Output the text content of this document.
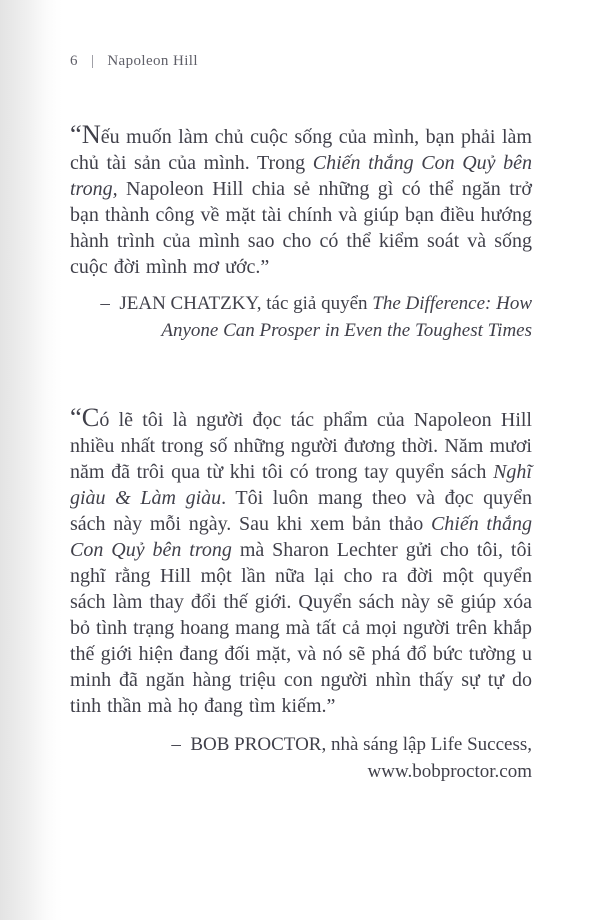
6 | Napoleon Hill

“Nếu muốn làm chủ cuộc sống của mình, bạn phải làm chủ tài sản của mình. Trong Chiến thắng Con Quỷ bên trong, Napoleon Hill chia sẻ những gì có thể ngăn trở bạn thành công về mặt tài chính và giúp bạn điều hướng hành trình của mình sao cho có thể kiểm soát và sống cuộc đời mình mơ ước.”

– JEAN CHATZKY, tác giả quyển The Difference: How Anyone Can Prosper in Even the Toughest Times

“Có lẽ tôi là người đọc tác phẩm của Napoleon Hill nhiều nhất trong số những người đương thời. Năm mươi năm đã trôi qua từ khi tôi có trong tay quyển sách Nghĩ giàu & Làm giàu. Tôi luôn mang theo và đọc quyển sách này mỗi ngày. Sau khi xem bản thảo Chiến thắng Con Quỷ bên trong mà Sharon Lechter gửi cho tôi, tôi nghĩ rằng Hill một lần nữa lại cho ra đời một quyển sách làm thay đổi thế giới. Quyển sách này sẽ giúp xóa bỏ tình trạng hoang mang mà tất cả mọi người trên khắp thế giới hiện đang đối mặt, và nó sẽ phá đổ bức tường u minh đã ngăn hàng triệu con người nhìn thấy sự tự do tinh thần mà họ đang tìm kiếm.”

– BOB PROCTOR, nhà sáng lập Life Success, www.bobproctor.com
